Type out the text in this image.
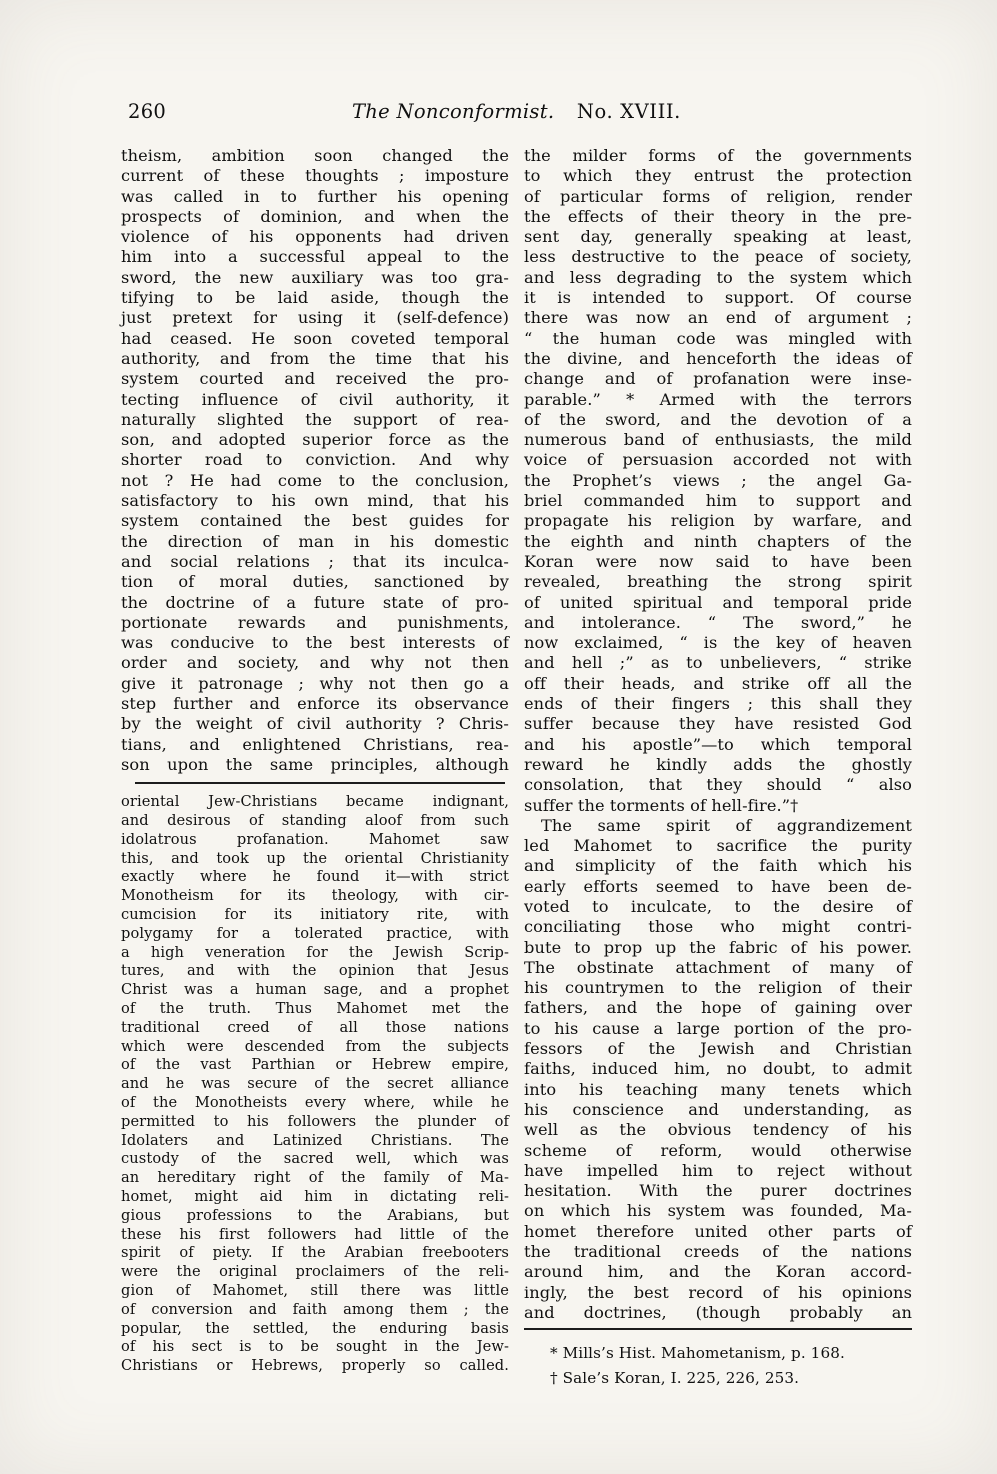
260	The Nonconformist. No. XVIII.
theism, ambition soon changed the
current of these thoughts ; imposture
was called in to further his opening
prospects of dominion, and when the
violence of his opponents had driven
him into a successful appeal to the
sword, the new auxiliary was too gra-
tifying to be laid aside, though the
just pretext for using it (self-defence)
had ceased. He soon coveted temporal
authority, and from the time that his
system courted and received the pro-
tecting influence of civil authority, it
naturally slighted the support of rea-
son, and adopted superior force as the
shorter road to conviction. And why
not ? He had come to the conclusion,
satisfactory to his own mind, that his
system contained the best guides for
the direction of man in his domestic
and social relations ; that its inculca-
tion of moral duties, sanctioned by
the doctrine of a future state of pro-
portionate rewards and punishments,
was conducive to the best interests of
order and society, and why not then
give it patronage ; why not then go a
step further and enforce its observance
by the weight of civil authority ? Chris-
tians, and enlightened Christians, rea-
son upon the same principles, although
oriental Jew-Christians became indignant,
and desirous of standing aloof from such
idolatrous profanation. Mahomet saw
this, and took up the oriental Christianity
exactly where he found it—with strict
Monotheism for its theology, with cir-
cumcision for its initiatory rite, with
polygamy for a tolerated practice, with
a high veneration for the Jewish Scrip-
tures, and with the opinion that Jesus
Christ was a human sage, and a prophet
of the truth. Thus Mahomet met the
traditional creed of all those nations
which were descended from the subjects
of the vast Parthian or Hebrew empire,
and he was secure of the secret alliance
of the Monotheists every where, while he
permitted to his followers the plunder of
Idolaters and Latinized Christians. The
custody of the sacred well, which was
an hereditary right of the family of Ma-
homet, might aid him in dictating reli-
gious professions to the Arabians, but
these his first followers had little of the
spirit of piety. If the Arabian freebooters
were the original proclaimers of the reli-
gion of Mahomet, still there was little
of conversion and faith among them ; the
popular, the settled, the enduring basis
of his sect is to be sought in the Jew-
Christians or Hebrews, properly so called.
the milder forms of the governments
to which they entrust the protection
of particular forms of religion, render
the effects of their theory in the pre-
sent day, generally speaking at least,
less destructive to the peace of society,
and less degrading to the system which
it is intended to support. Of course
there was now an end of argument ;
“ the human code was mingled with
the divine, and henceforth the ideas of
change and of profanation were inse-
parable.” * Armed with the terrors
of the sword, and the devotion of a
numerous band of enthusiasts, the mild
voice of persuasion accorded not with
the Prophet’s views ; the angel Ga-
briel commanded him to support and
propagate his religion by warfare, and
the eighth and ninth chapters of the
Koran were now said to have been
revealed, breathing the strong spirit
of united spiritual and temporal pride
and intolerance. “ The sword,” he
now exclaimed, “ is the key of heaven
and hell ;” as to unbelievers, “ strike
off their heads, and strike off all the
ends of their fingers ; this shall they
suffer because they have resisted God
and his apostle”—to which temporal
reward he kindly adds the ghostly
consolation, that they should “ also
suffer the torments of hell-fire.”†
The same spirit of aggrandizement
led Mahomet to sacrifice the purity
and simplicity of the faith which his
early efforts seemed to have been de-
voted to inculcate, to the desire of
conciliating those who might contri-
bute to prop up the fabric of his power.
The obstinate attachment of many of
his countrymen to the religion of their
fathers, and the hope of gaining over
to his cause a large portion of the pro-
fessors of the Jewish and Christian
faiths, induced him, no doubt, to admit
into his teaching many tenets which
his conscience and understanding, as
well as the obvious tendency of his
scheme of reform, would otherwise
have impelled him to reject without
hesitation. With the purer doctrines
on which his system was founded, Ma-
homet therefore united other parts of
the traditional creeds of the nations
around him, and the Koran accord-
ingly, the best record of his opinions
and doctrines, (though probably an
* Mills’s Hist. Mahometanism, p. 168.
† Sale’s Koran, I. 225, 226, 253.
